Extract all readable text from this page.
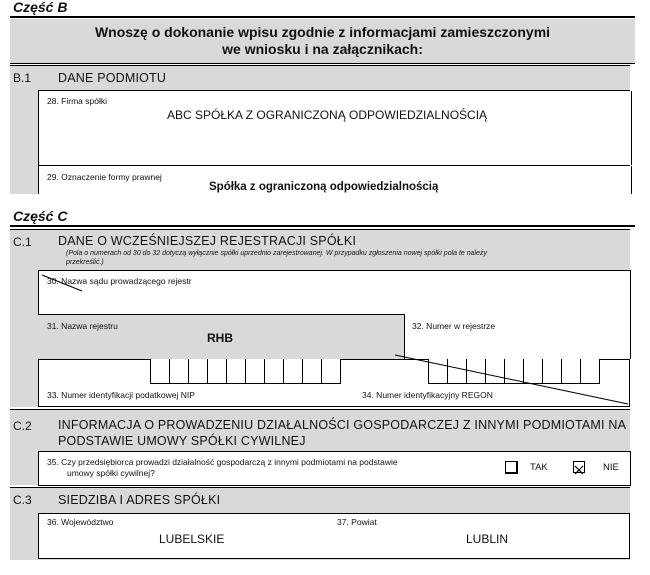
Część B
Wnoszę o dokonanie wpisu zgodnie z informacjami zamieszczonymi
we wniosku i na załącznikach:
B.1 DANE PODMIOTU
28. Firma spółki
ABC SPÓŁKA Z OGRANICZONĄ ODPOWIEDZIALNOŚCIĄ
29. Oznaczenie formy prawnej
Spółka z ograniczoną odpowiedzialnością
Część C
C.1 DANE O WCZEŚNIEJSZEJ REJESTRACJI SPÓŁKI
(Pola o numerach od 30 do 32 dotyczą wyłącznie spółki uprzednio zarejestrowanej. W przypadku zgłoszenia nowej spółki pola te należy
przekreślić.)
30. Nazwa sądu prowadzącego rejestr
31. Nazwa rejestru
RHB
32. Numer w rejestrze
33. Numer identyfikacji podatkowej NIP	34. Numer identyfikacyjny REGON
C.2 INFORMACJA O PROWADZENIU DZIAŁALNOŚCI GOSPODARCZEJ Z INNYMI PODMIOTAMI NA
PODSTAWIE UMOWY SPÓŁKI CYWILNEJ
35. Czy przedsiębiorca prowadzi działalność gospodarczą z innymi podmiotami na podstawie
umowy spółki cywilnej?	TAK	NIE
C.3 SIEDZIBA I ADRES SPÓŁKI
36. Województwo
LUBELSKIE
37. Powiat
LUBLIN
